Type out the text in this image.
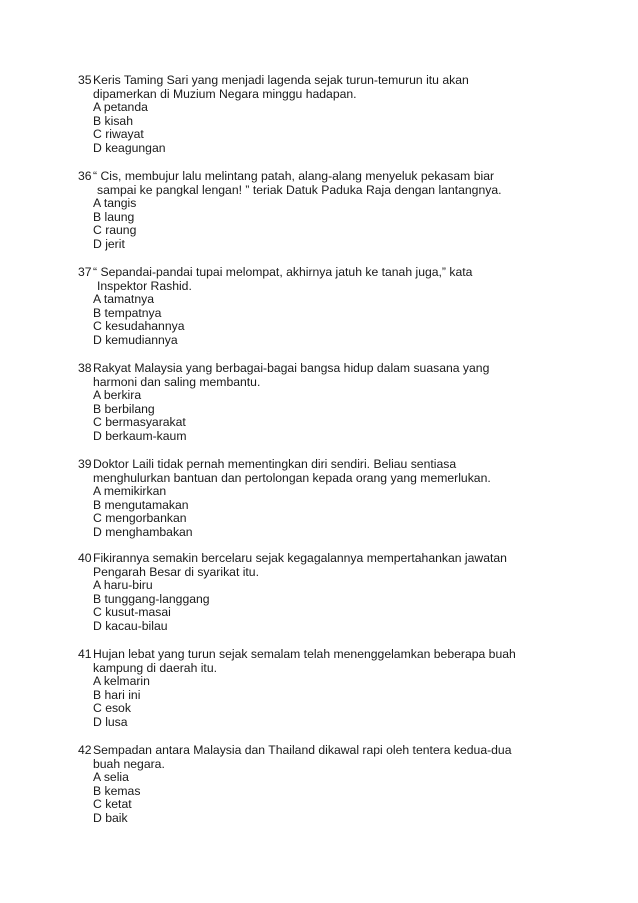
35 Keris Taming Sari yang menjadi lagenda sejak turun-temurun itu akan
dipamerkan di Muzium Negara minggu hadapan.
A petanda
B kisah
C riwayat
D keagungan
36 “ Cis, membujur lalu melintang patah, alang-alang menyeluk pekasam biar
sampai ke pangkal lengan! ” teriak Datuk Paduka Raja dengan lantangnya.
A tangis
B laung
C raung
D jerit
37 “ Sepandai-pandai tupai melompat, akhirnya jatuh ke tanah juga,” kata
Inspektor Rashid.
A tamatnya
B tempatnya
C kesudahannya
D kemudiannya
38 Rakyat Malaysia yang berbagai-bagai bangsa hidup dalam suasana yang
harmoni dan saling membantu.
A berkira
B berbilang
C bermasyarakat
D berkaum-kaum
39 Doktor Laili tidak pernah mementingkan diri sendiri. Beliau sentiasa
menghulurkan bantuan dan pertolongan kepada orang yang memerlukan.
A memikirkan
B mengutamakan
C mengorbankan
D menghambakan
40 Fikirannya semakin bercelaru sejak kegagalannya mempertahankan jawatan
Pengarah Besar di syarikat itu.
A haru-biru
B tunggang-langgang
C kusut-masai
D kacau-bilau
41 Hujan lebat yang turun sejak semalam telah menenggelamkan beberapa buah
kampung di daerah itu.
A kelmarin
B hari ini
C esok
D lusa
42 Sempadan antara Malaysia dan Thailand dikawal rapi oleh tentera kedua-dua
buah negara.
A selia
B kemas
C ketat
D baik
